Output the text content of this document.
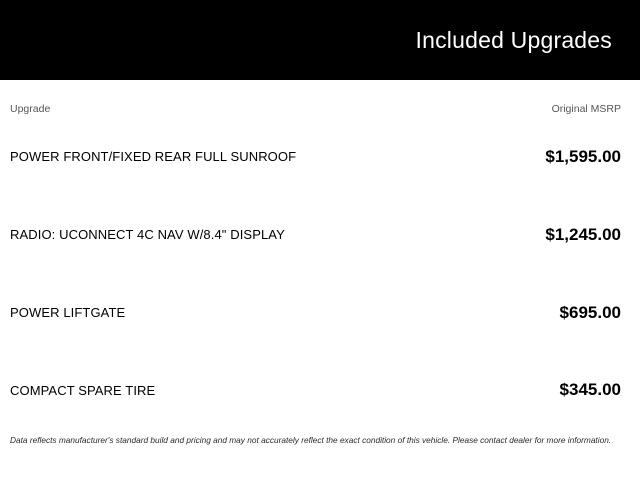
Included Upgrades
Upgrade	Original MSRP
POWER FRONT/FIXED REAR FULL SUNROOF	$1,595.00
RADIO: UCONNECT 4C NAV W/8.4" DISPLAY	$1,245.00
POWER LIFTGATE	$695.00
COMPACT SPARE TIRE	$345.00
Data reflects manufacturer's standard build and pricing and may not accurately reflect the exact condition of this vehicle. Please contact dealer for more information.
